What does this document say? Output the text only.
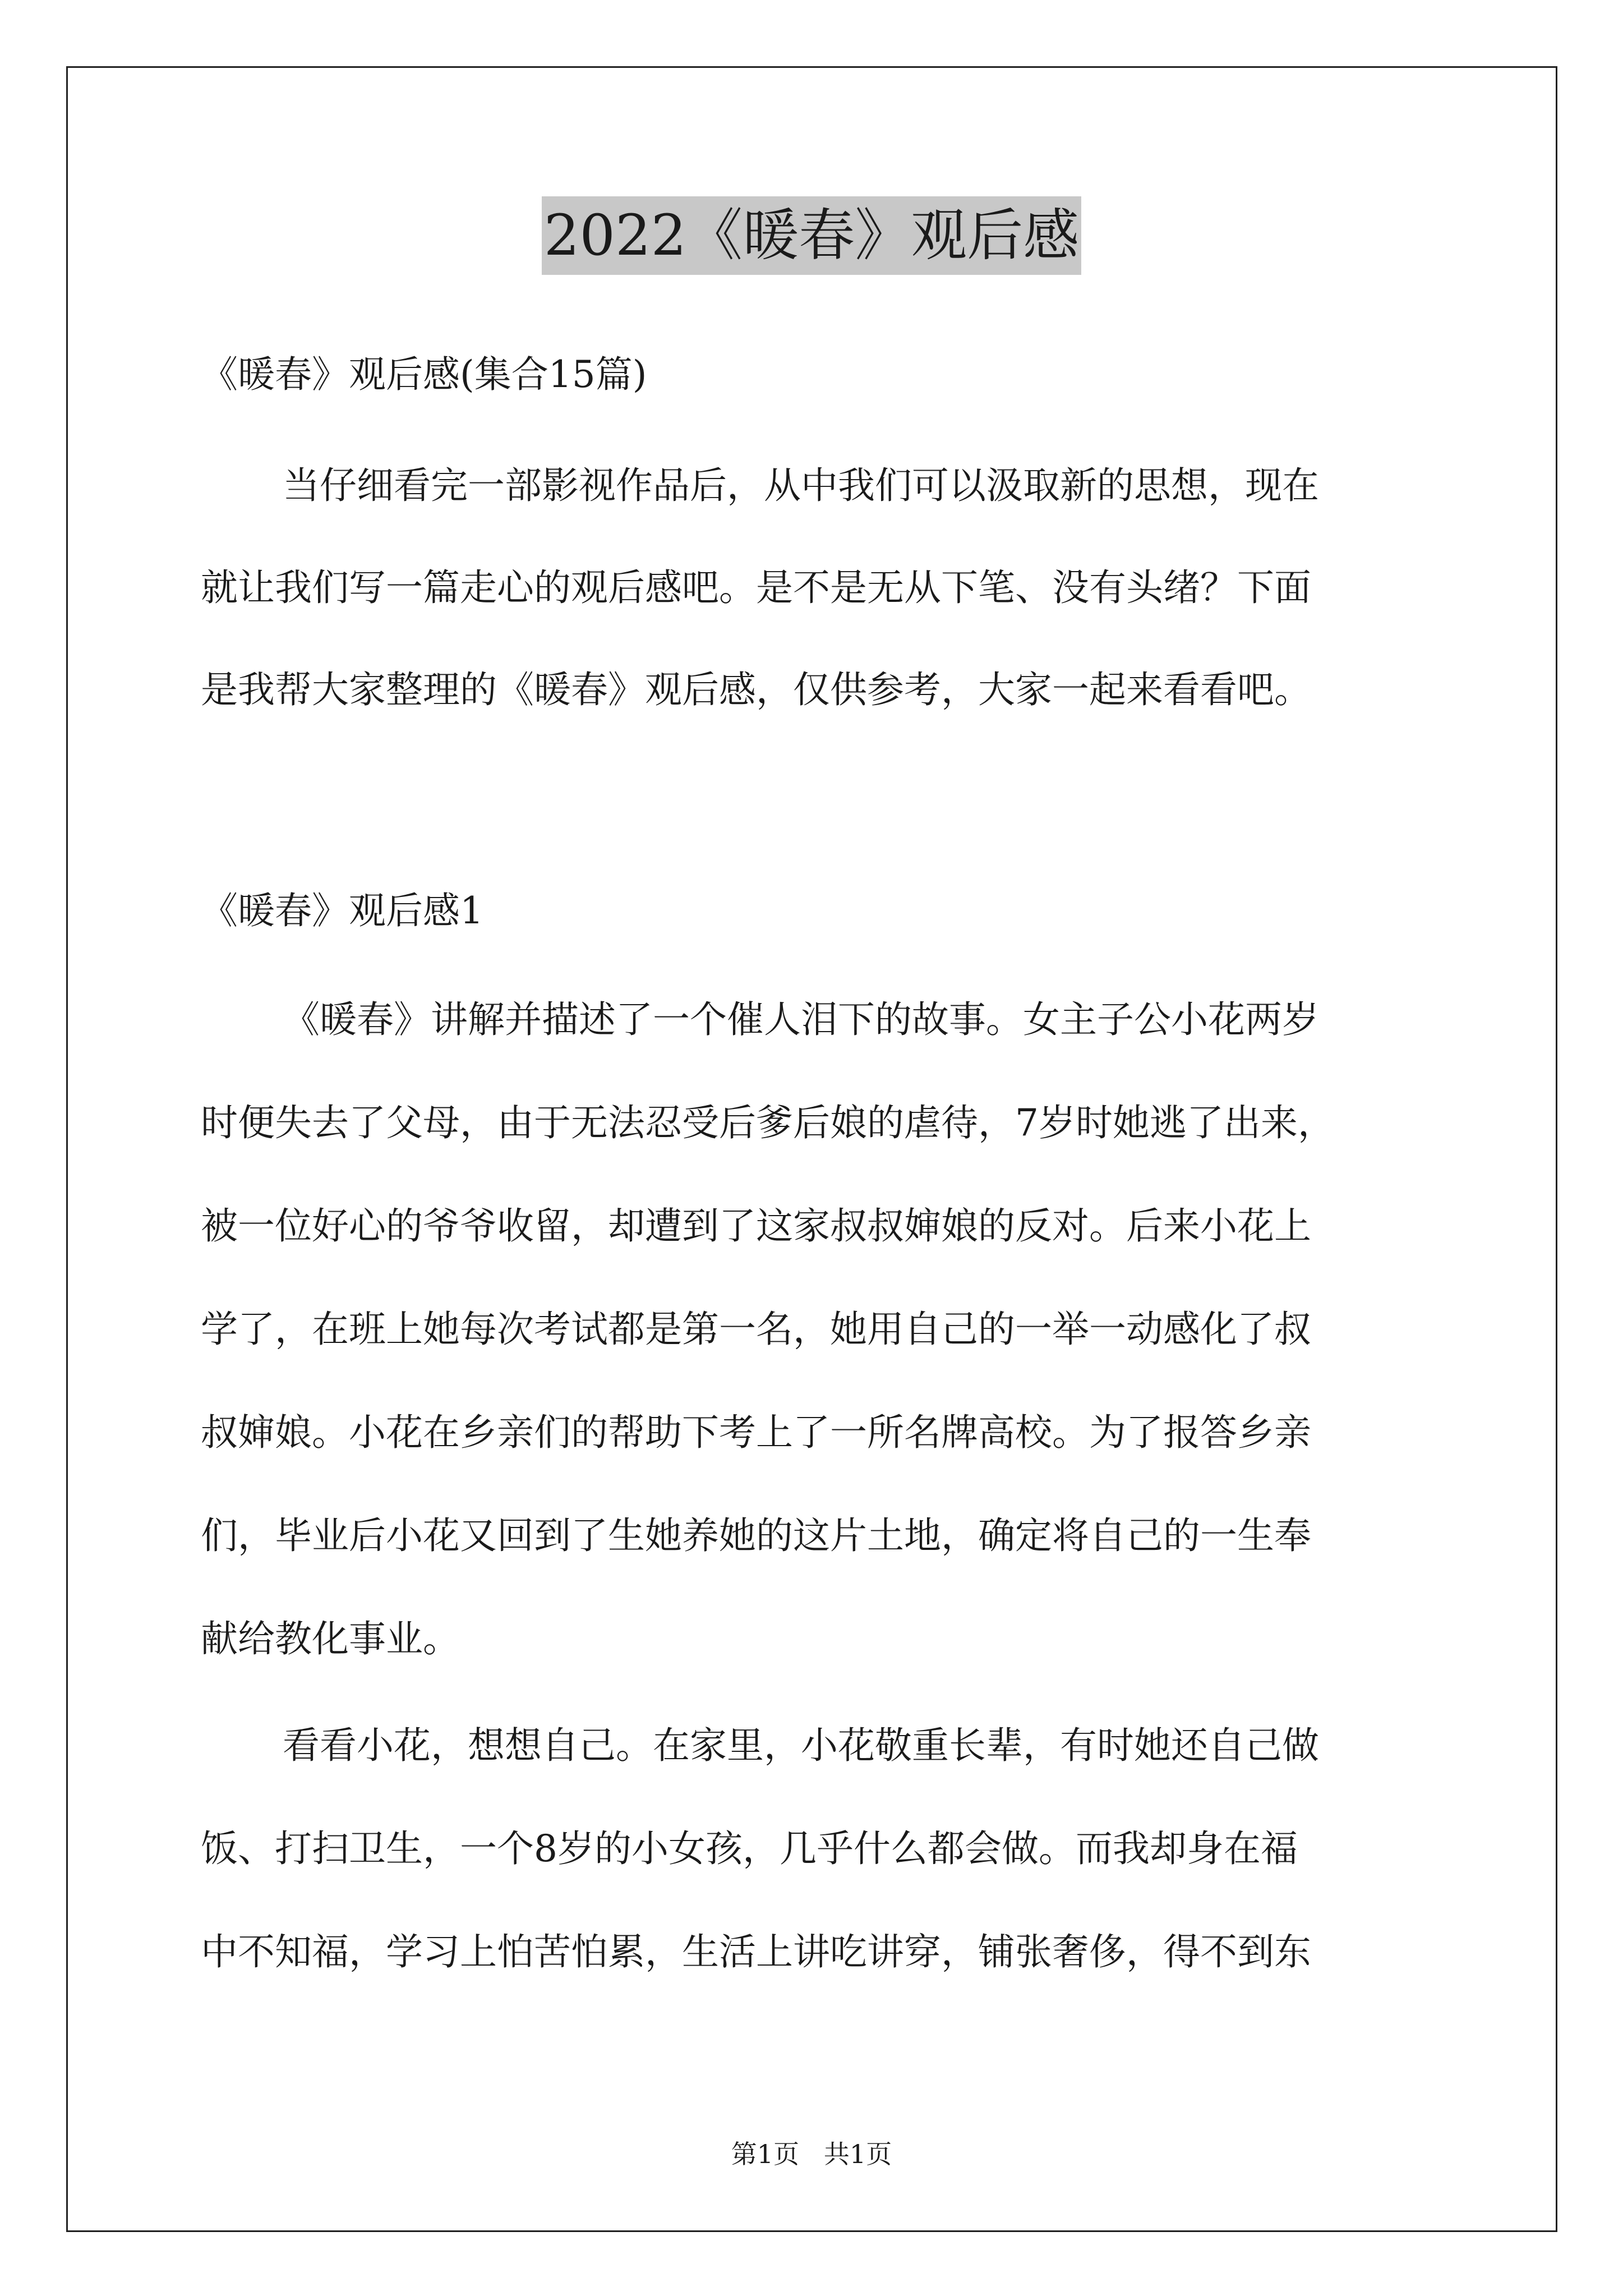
2022《暖春》观后感
《暖春》观后感(集合15篇)
当仔细看完一部影视作品后，从中我们可以汲取新的思想，现在
就让我们写一篇走心的观后感吧。是不是无从下笔、没有头绪？下面
是我帮大家整理的《暖春》观后感，仅供参考，大家一起来看看吧。
《暖春》观后感1
《暖春》讲解并描述了一个催人泪下的故事。女主子公小花两岁
时便失去了父母，由于无法忍受后爹后娘的虐待，7岁时她逃了出来，
被一位好心的爷爷收留，却遭到了这家叔叔婶娘的反对。后来小花上
学了，在班上她每次考试都是第一名，她用自己的一举一动感化了叔
叔婶娘。小花在乡亲们的帮助下考上了一所名牌高校。为了报答乡亲
们，毕业后小花又回到了生她养她的这片土地，确定将自己的一生奉
献给教化事业。
看看小花，想想自己。在家里，小花敬重长辈，有时她还自己做
饭、打扫卫生，一个8岁的小女孩，几乎什么都会做。而我却身在福
中不知福，学习上怕苦怕累，生活上讲吃讲穿，铺张奢侈，得不到东
第1页   共1页
